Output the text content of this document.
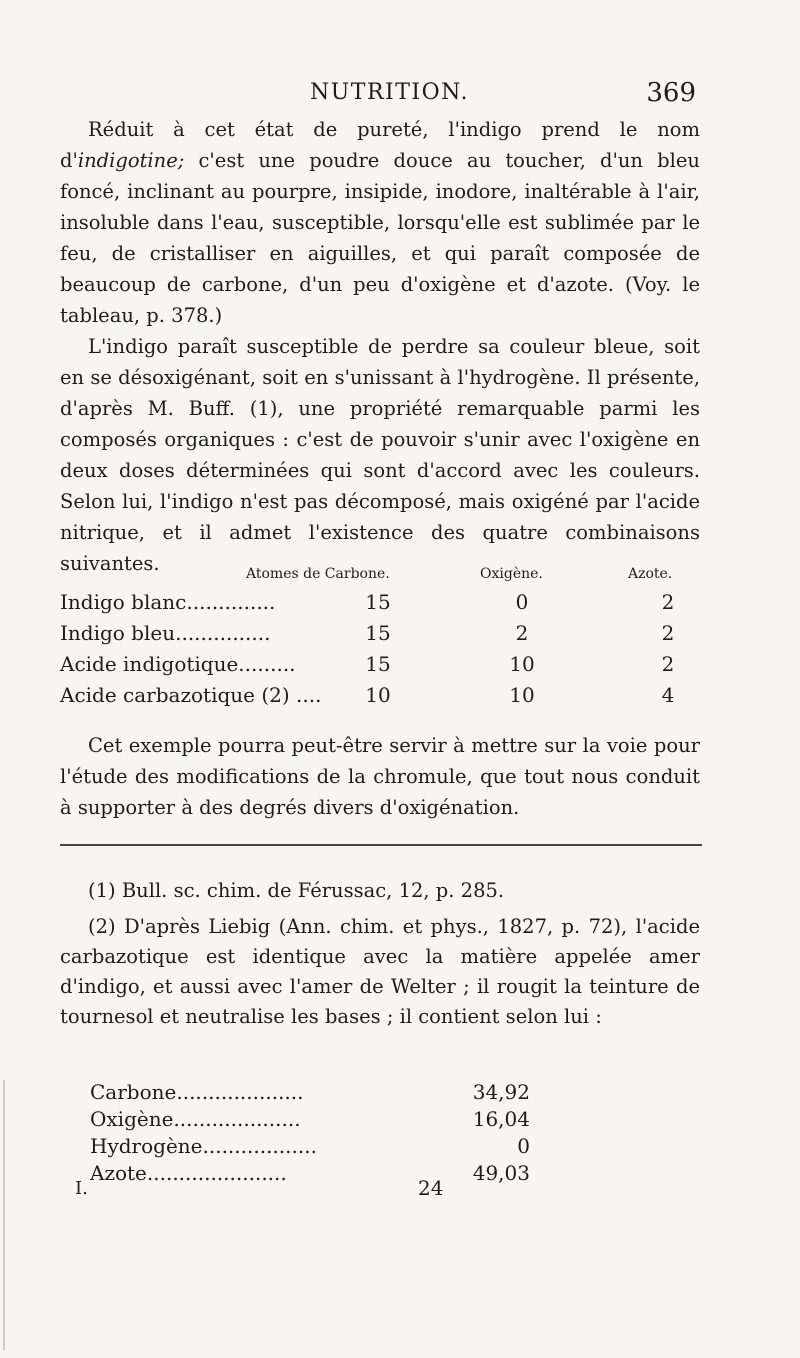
NUTRITION.	369

Réduit à cet état de pureté, l'indigo prend le nom d'indigotine; c'est une poudre douce au toucher, d'un bleu foncé, inclinant au pourpre, insipide, inodore, inaltérable à l'air, insoluble dans l'eau, susceptible, lorsqu'elle est sublimée par le feu, de cristalliser en aiguilles, et qui paraît composée de beaucoup de carbone, d'un peu d'oxigène et d'azote. (Voy. le tableau, p. 378.)

L'indigo paraît susceptible de perdre sa couleur bleue, soit en se désoxigénant, soit en s'unissant à l'hydrogène. Il présente, d'après M. Buff. (1), une propriété remarquable parmi les composés organiques : c'est de pouvoir s'unir avec l'oxigène en deux doses déterminées qui sont d'accord avec les couleurs. Selon lui, l'indigo n'est pas décomposé, mais oxigéné par l'acide nitrique, et il admet l'existence des quatre combinaisons suivantes.	Atomes de Carbone.	Oxigène.	Azote.
Indigo blanc..............	15	0	2
Indigo bleu...............	15	2	2
Acide indigotique.........	15	10	2
Acide carbazotique (2) ....	10	10	4

Cet exemple pourra peut-être servir à mettre sur la voie pour l'étude des modifications de la chromule, que tout nous conduit à supporter à des degrés divers d'oxigénation.

(1) Bull. sc. chim. de Férussac, 12, p. 285.

(2) D'après Liebig (Ann. chim. et phys., 1827, p. 72), l'acide carbazotique est identique avec la matière appelée amer d'indigo, et aussi avec l'amer de Welter ; il rougit la teinture de tournesol et neutralise les bases ; il contient selon lui :

Carbone....................	34,92
Oxigène....................	16,04
Hydrogène..................	0
Azote......................	49,03
I.	24
